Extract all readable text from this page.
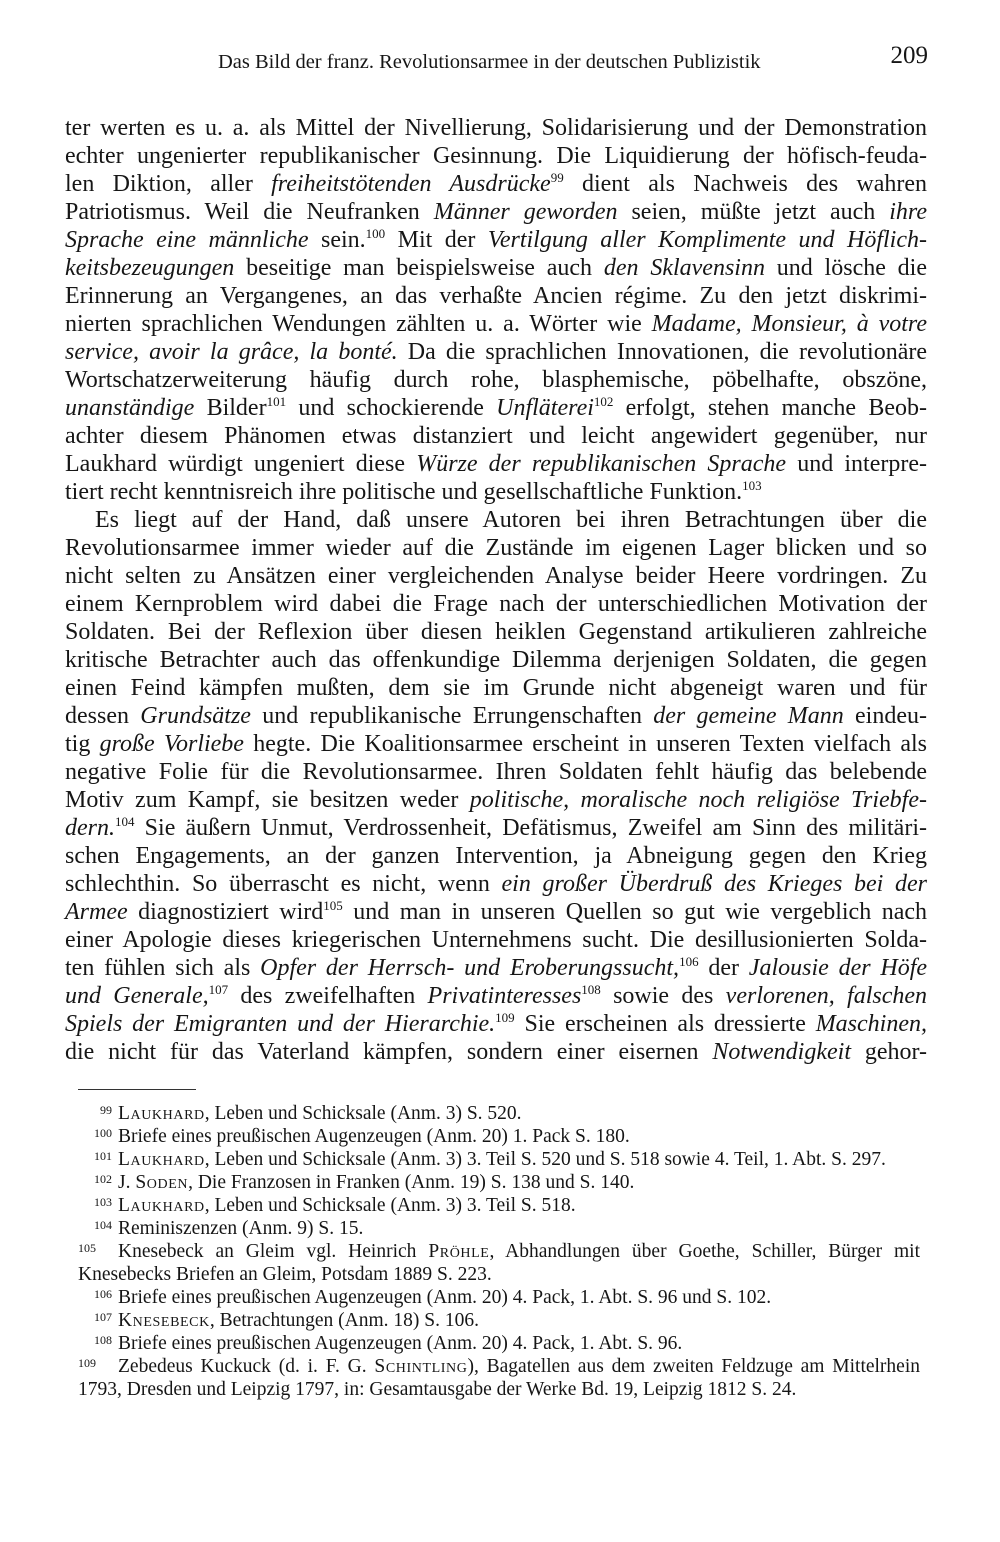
Das Bild der franz. Revolutionsarmee in der deutschen Publizistik	209
ter werten es u. a. als Mittel der Nivellierung, Solidarisierung und der Demonstration
echter ungenierter republikanischer Gesinnung. Die Liquidierung der höfisch-feuda-
len Diktion, aller freiheitstötenden Ausdrücke$^{99}$ dient als Nachweis des wahren
Patriotismus. Weil die Neufranken Männer geworden seien, müßte jetzt auch ihre
Sprache eine männliche sein.$^{100}$ Mit der Vertilgung aller Komplimente und Höflich-
keitsbezeugungen beseitige man beispielsweise auch den Sklavensinn und lösche die
Erinnerung an Vergangenes, an das verhaßte Ancien régime. Zu den jetzt diskrimi-
nierten sprachlichen Wendungen zählten u. a. Wörter wie Madame, Monsieur, à votre
service, avoir la grâce, la bonté. Da die sprachlichen Innovationen, die revolutionäre
Wortschatzerweiterung häufig durch rohe, blasphemische, pöbelhafte, obszöne,
unanständige Bilder$^{101}$ und schockierende Unfläterei$^{102}$ erfolgt, stehen manche Beob-
achter diesem Phänomen etwas distanziert und leicht angewidert gegenüber, nur
Laukhard würdigt ungeniert diese Würze der republikanischen Sprache und interpre-
tiert recht kenntnisreich ihre politische und gesellschaftliche Funktion.$^{103}$
Es liegt auf der Hand, daß unsere Autoren bei ihren Betrachtungen über die
Revolutionsarmee immer wieder auf die Zustände im eigenen Lager blicken und so
nicht selten zu Ansätzen einer vergleichenden Analyse beider Heere vordringen. Zu
einem Kernproblem wird dabei die Frage nach der unterschiedlichen Motivation der
Soldaten. Bei der Reflexion über diesen heiklen Gegenstand artikulieren zahlreiche
kritische Betrachter auch das offenkundige Dilemma derjenigen Soldaten, die gegen
einen Feind kämpfen mußten, dem sie im Grunde nicht abgeneigt waren und für
dessen Grundsätze und republikanische Errungenschaften der gemeine Mann eindeu-
tig große Vorliebe hegte. Die Koalitionsarmee erscheint in unseren Texten vielfach als
negative Folie für die Revolutionsarmee. Ihren Soldaten fehlt häufig das belebende
Motiv zum Kampf, sie besitzen weder politische, moralische noch religiöse Triebfe-
dern.$^{104}$ Sie äußern Unmut, Verdrossenheit, Defätismus, Zweifel am Sinn des militäri-
schen Engagements, an der ganzen Intervention, ja Abneigung gegen den Krieg
schlechthin. So überrascht es nicht, wenn ein großer Überdruß des Krieges bei der
Armee diagnostiziert wird$^{105}$ und man in unseren Quellen so gut wie vergeblich nach
einer Apologie dieses kriegerischen Unternehmens sucht. Die desillusionierten Solda-
ten fühlen sich als Opfer der Herrsch- und Eroberungssucht,$^{106}$ der Jalousie der Höfe
und Generale,$^{107}$ des zweifelhaften Privatinteresses$^{108}$ sowie des verlorenen, falschen
Spiels der Emigranten und der Hierarchie.$^{109}$ Sie erscheinen als dressierte Maschinen,
die nicht für das Vaterland kämpfen, sondern einer eisernen Notwendigkeit gehor-
99 Laukhard, Leben und Schicksale (Anm. 3) S. 520.
100 Briefe eines preußischen Augenzeugen (Anm. 20) 1. Pack S. 180.
101 Laukhard, Leben und Schicksale (Anm. 3) 3. Teil S. 520 und S. 518 sowie 4. Teil, 1. Abt. S. 297.
102 J. Soden, Die Franzosen in Franken (Anm. 19) S. 138 und S. 140.
103 Laukhard, Leben und Schicksale (Anm. 3) 3. Teil S. 518.
104 Reminiszenzen (Anm. 9) S. 15.
105 Knesebeck an Gleim vgl. Heinrich Pröhle, Abhandlungen über Goethe, Schiller, Bürger mit
Knesebecks Briefen an Gleim, Potsdam 1889 S. 223.
106 Briefe eines preußischen Augenzeugen (Anm. 20) 4. Pack, 1. Abt. S. 96 und S. 102.
107 Knesebeck, Betrachtungen (Anm. 18) S. 106.
108 Briefe eines preußischen Augenzeugen (Anm. 20) 4. Pack, 1. Abt. S. 96.
109 Zebedeus Kuckuck (d. i. F. G. Schintling), Bagatellen aus dem zweiten Feldzuge am Mittelrhein
1793, Dresden und Leipzig 1797, in: Gesamtausgabe der Werke Bd. 19, Leipzig 1812 S. 24.
